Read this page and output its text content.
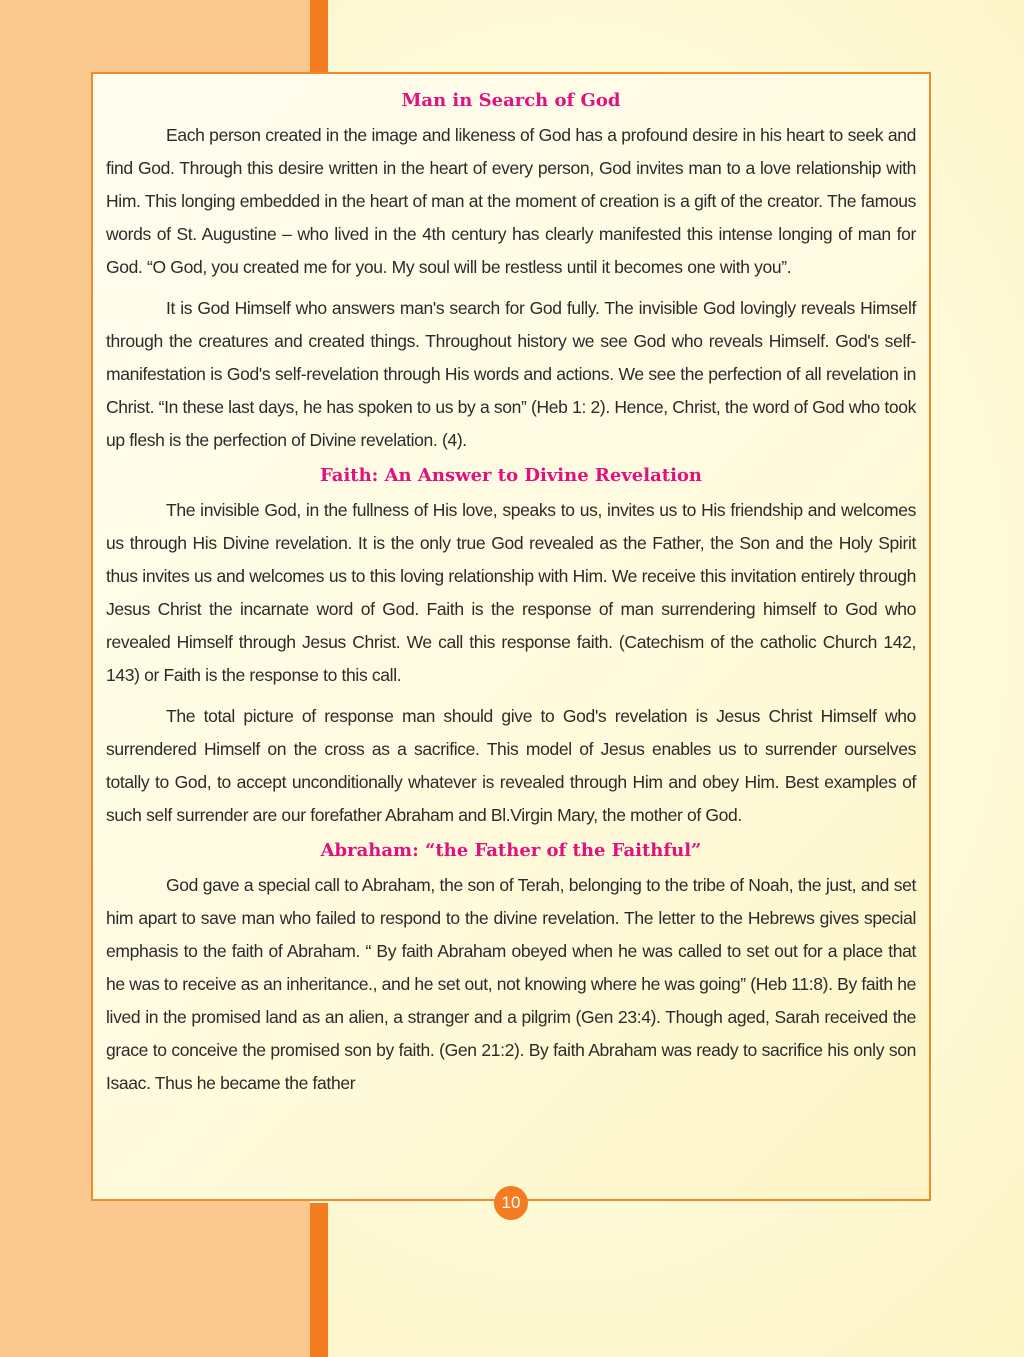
Man in Search of God

Each person created in the image and likeness of God has a profound desire in his heart to seek and find God. Through this desire written in the heart of every person, God invites man to a love relationship with Him. This longing embedded in the heart of man at the moment of creation is a gift of the creator. The famous words of St. Augustine – who lived in the 4th century has clearly manifested this intense longing of man for God. “O God, you created me for you. My soul will be restless until it becomes one with you”.

It is God Himself who answers man's search for God fully. The invisible God lovingly reveals Himself through the creatures and created things. Throughout history we see God who reveals Himself. God's self-manifestation is God's self-revelation through His words and actions. We see the perfection of all revelation in Christ. “In these last days, he has spoken to us by a son” (Heb 1: 2). Hence, Christ, the word of God who took up flesh is the perfection of Divine revelation. (4).

Faith: An Answer to Divine Revelation

The invisible God, in the fullness of His love, speaks to us, invites us to His friendship and welcomes us through His Divine revelation. It is the only true God revealed as the Father, the Son and the Holy Spirit thus invites us and welcomes us to this loving relationship with Him. We receive this invitation entirely through Jesus Christ the incarnate word of God. Faith is the response of man surrendering himself to God who revealed Himself through Jesus Christ. We call this response faith. (Catechism of the catholic Church 142, 143) or Faith is the response to this call.

The total picture of response man should give to God's revelation is Jesus Christ Himself who surrendered Himself on the cross as a sacrifice. This model of Jesus enables us to surrender ourselves totally to God, to accept unconditionally whatever is revealed through Him and obey Him. Best examples of such self surrender are our forefather Abraham and Bl.Virgin Mary, the mother of God.

Abraham: “the Father of the Faithful”

God gave a special call to Abraham, the son of Terah, belonging to the tribe of Noah, the just, and set him apart to save man who failed to respond to the divine revelation. The letter to the Hebrews gives special emphasis to the faith of Abraham. “ By faith Abraham obeyed when he was called to set out for a place that he was to receive as an inheritance., and he set out, not knowing where he was going” (Heb 11:8). By faith he lived in the promised land as an alien, a stranger and a pilgrim (Gen 23:4). Though aged, Sarah received the grace to conceive the promised son by faith. (Gen 21:2). By faith Abraham was ready to sacrifice his only son Isaac. Thus he became the father

10
